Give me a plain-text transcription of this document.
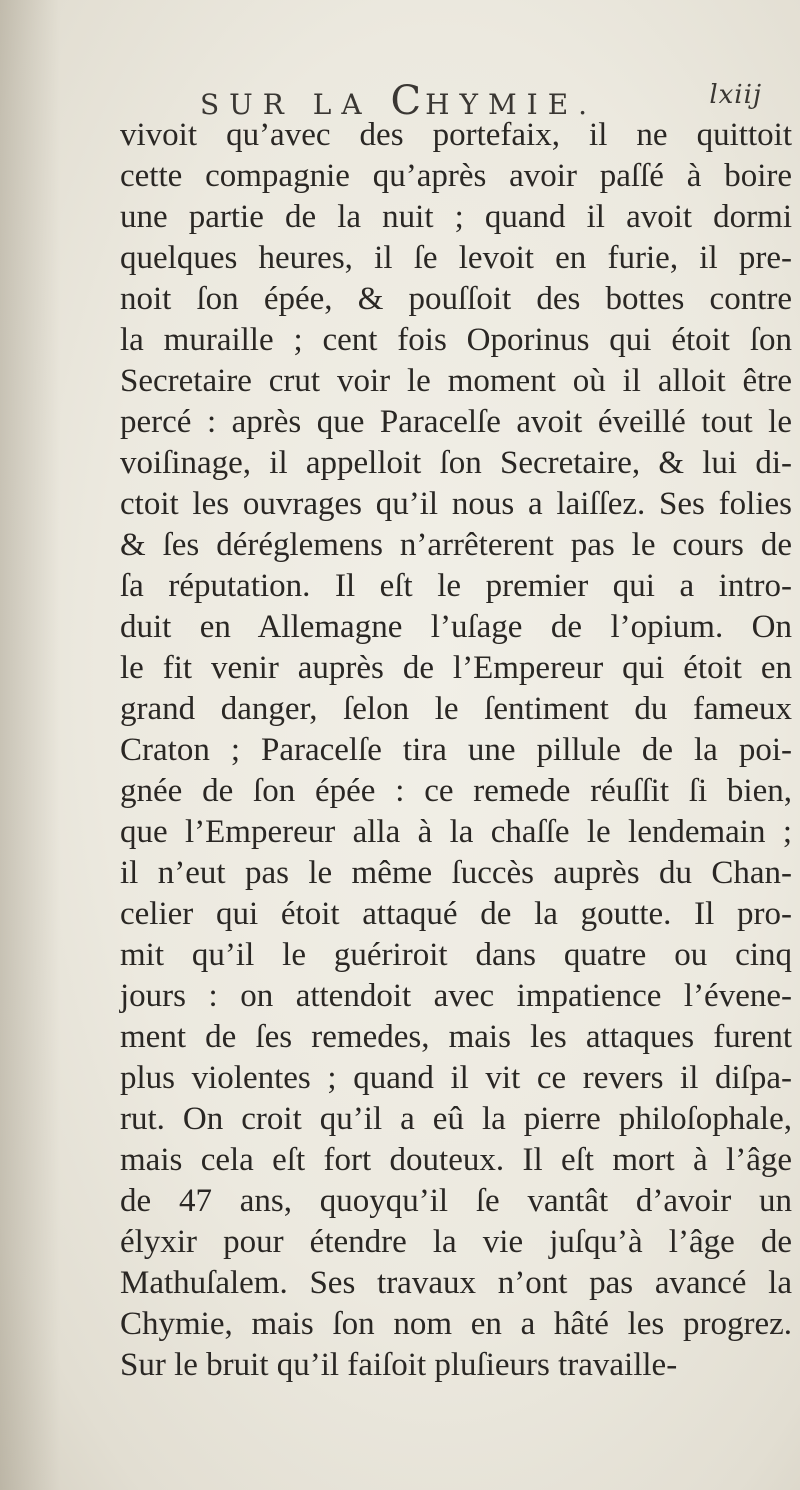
SUR LA CHYMIE.	lxiij
vivoit qu’avec des portefaix, il ne quittoit
cette compagnie qu’après avoir paſſé à boire
une partie de la nuit ; quand il avoit dormi
quelques heures, il ſe levoit en furie, il pre-
noit ſon épée, & pouſſoit des bottes contre
la muraille ; cent fois Oporinus qui étoit ſon
Secretaire crut voir le moment où il alloit être
percé : après que Paracelſe avoit éveillé tout le
voiſinage, il appelloit ſon Secretaire, & lui di-
ctoit les ouvrages qu’il nous a laiſſez. Ses folies
& ſes déréglemens n’arrêterent pas le cours de
ſa réputation. Il eſt le premier qui a intro-
duit en Allemagne l’uſage de l’opium. On
le fit venir auprès de l’Empereur qui étoit en
grand danger, ſelon le ſentiment du fameux
Craton ; Paracelſe tira une pillule de la poi-
gnée de ſon épée : ce remede réuſſit ſi bien,
que l’Empereur alla à la chaſſe le lendemain ;
il n’eut pas le même ſuccès auprès du Chan-
celier qui étoit attaqué de la goutte. Il pro-
mit qu’il le guériroit dans quatre ou cinq
jours : on attendoit avec impatience l’évene-
ment de ſes remedes, mais les attaques furent
plus violentes ; quand il vit ce revers il diſpa-
rut. On croit qu’il a eû la pierre philoſophale,
mais cela eſt fort douteux. Il eſt mort à l’âge
de 47 ans, quoyqu’il ſe vantât d’avoir un
élyxir pour étendre la vie juſqu’à l’âge de
Mathuſalem. Ses travaux n’ont pas avancé la
Chymie, mais ſon nom en a hâté les progrez.
Sur le bruit qu’il faiſoit pluſieurs travaille-
